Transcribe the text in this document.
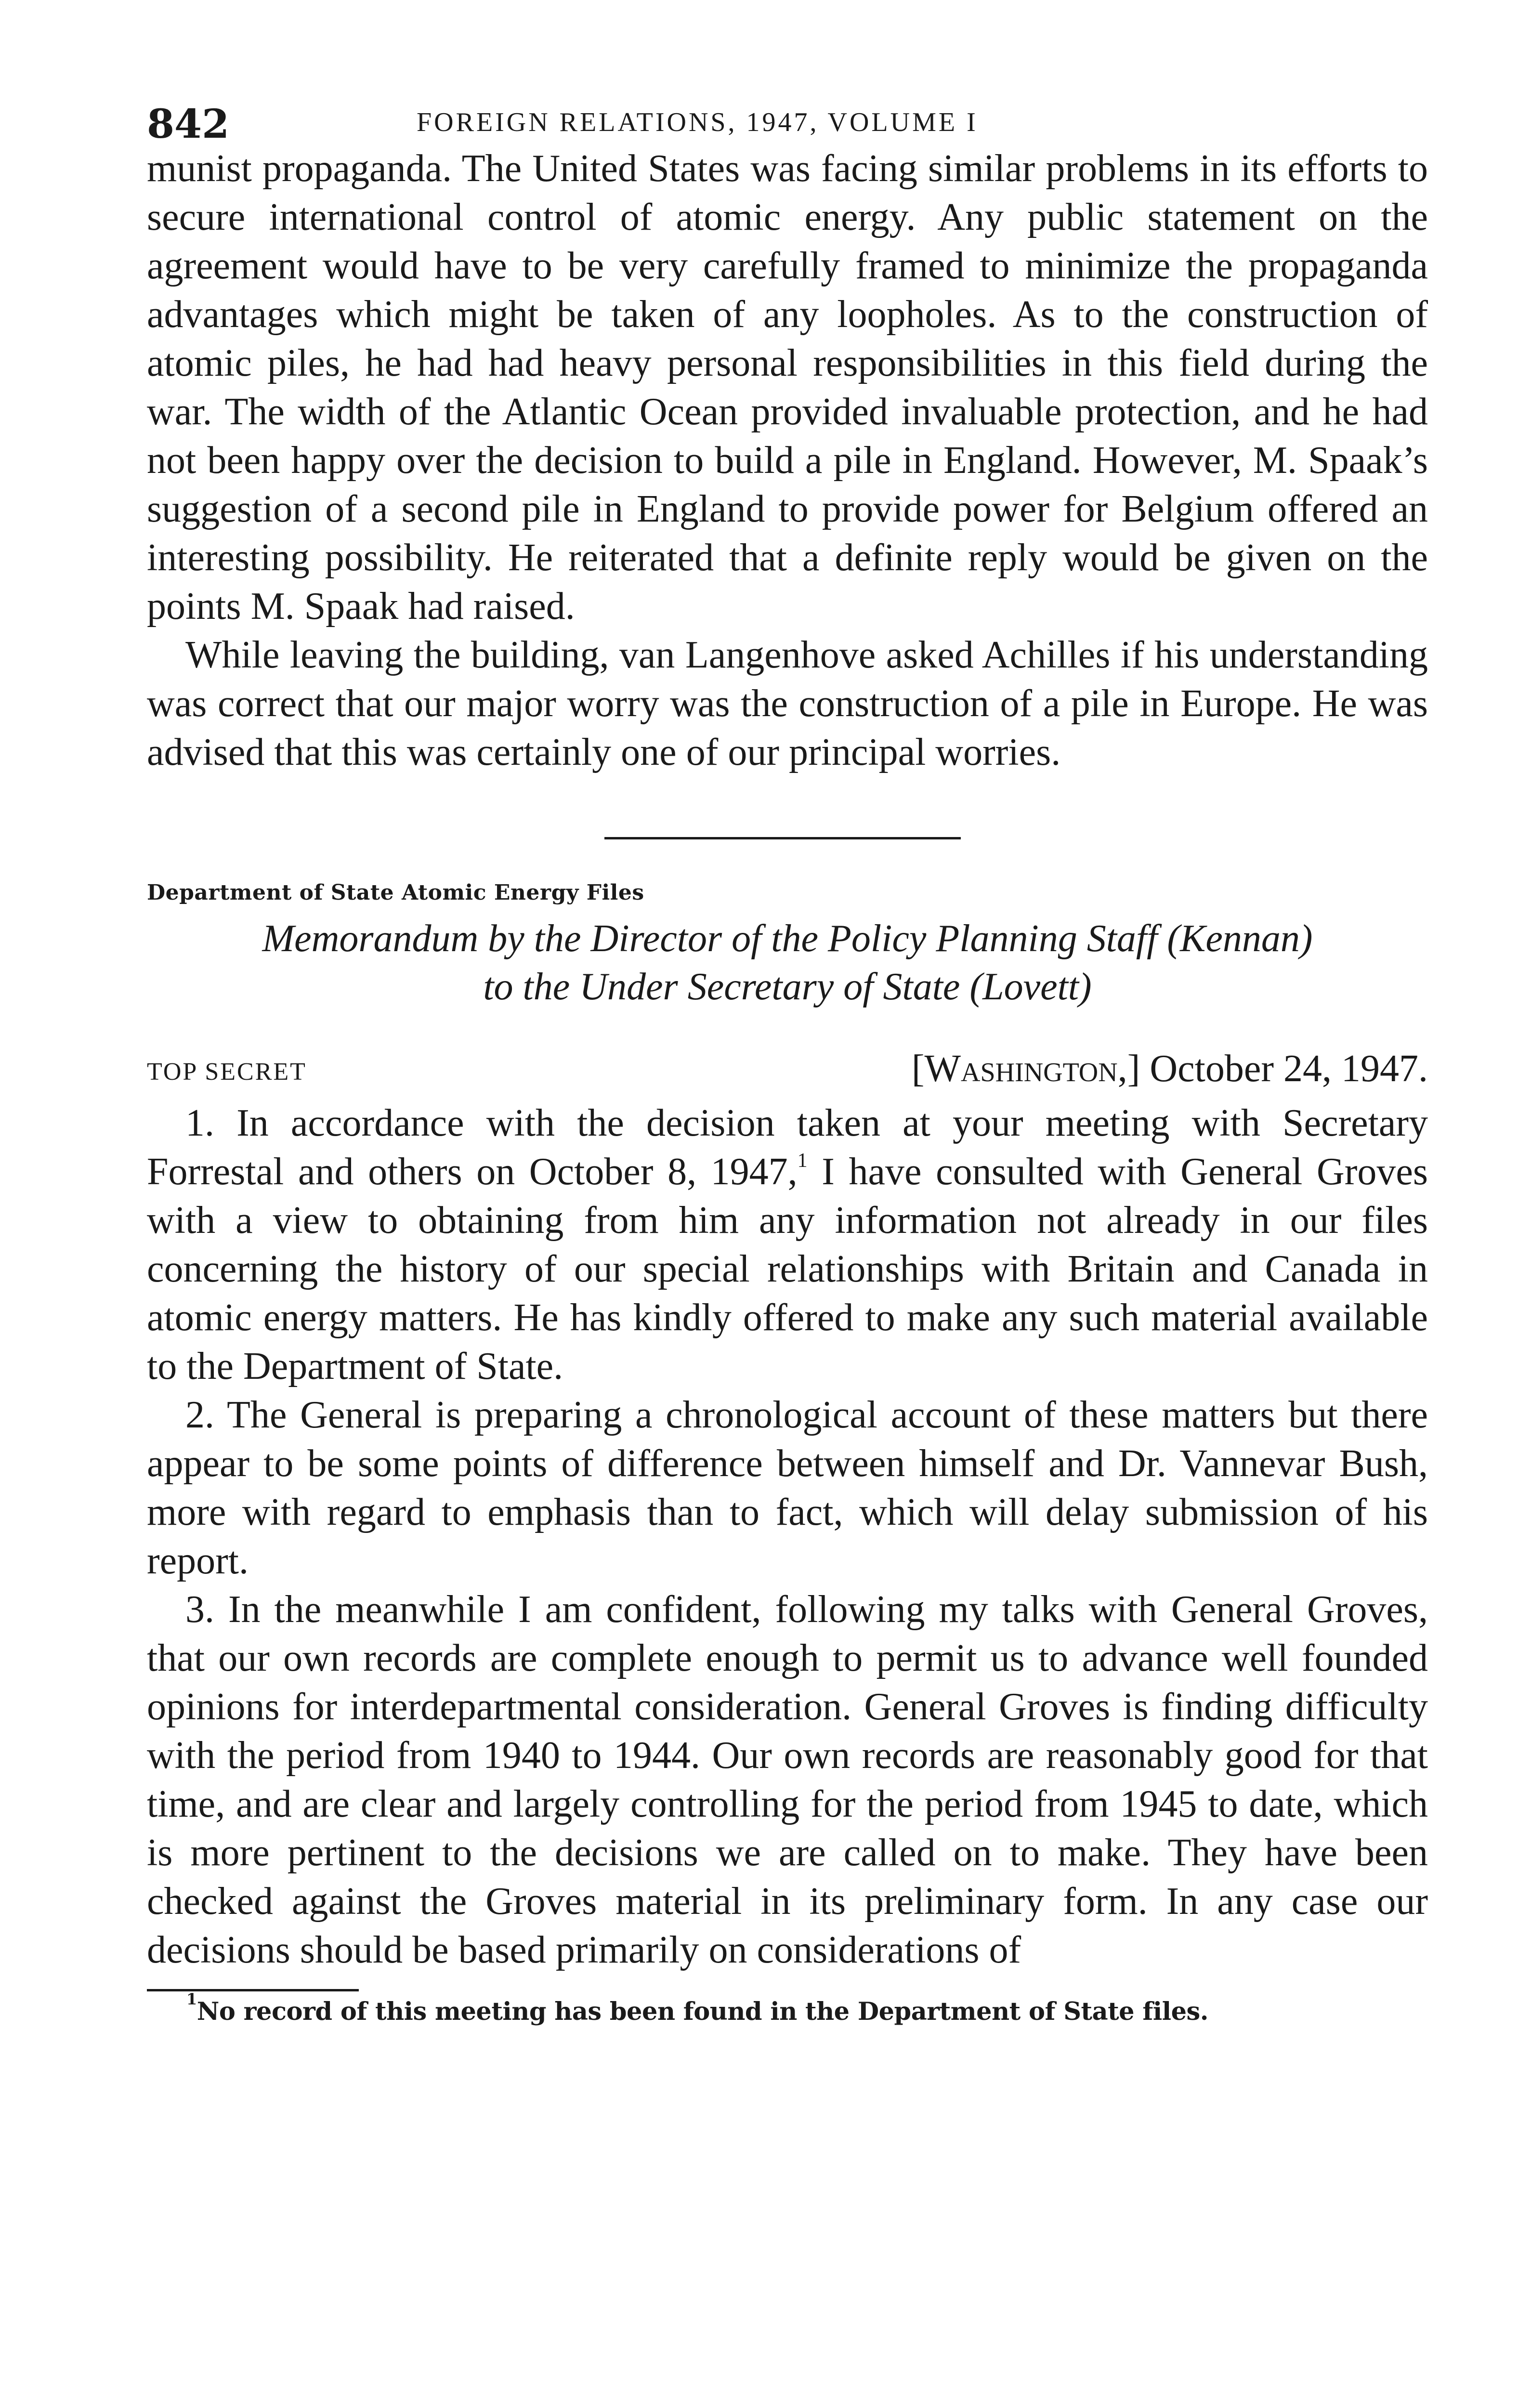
842	FOREIGN RELATIONS, 1947, VOLUME I

munist propaganda. The United States was facing similar problems in its efforts to secure international control of atomic energy. Any public statement on the agreement would have to be very carefully framed to minimize the propaganda advantages which might be taken of any loopholes. As to the construction of atomic piles, he had had heavy personal responsibilities in this field during the war. The width of the Atlantic Ocean provided invaluable protection, and he had not been happy over the decision to build a pile in England. However, M. Spaak’s suggestion of a second pile in England to provide power for Belgium offered an interesting possibility. He reiterated that a definite reply would be given on the points M. Spaak had raised.

While leaving the building, van Langenhove asked Achilles if his understanding was correct that our major worry was the construction of a pile in Europe. He was advised that this was certainly one of our principal worries.

Department of State Atomic Energy Files
Memorandum by the Director of the Policy Planning Staff (Kennan)
to the Under Secretary of State (Lovett)
TOP SECRET	[Washington,] October 24, 1947.

1. In accordance with the decision taken at your meeting with Secretary Forrestal and others on October 8, 1947,$^1$ I have consulted with General Groves with a view to obtaining from him any information not already in our files concerning the history of our special relationships with Britain and Canada in atomic energy matters. He has kindly offered to make any such material available to the Department of State.

2. The General is preparing a chronological account of these matters but there appear to be some points of difference between himself and Dr. Vannevar Bush, more with regard to emphasis than to fact, which will delay submission of his report.

3. In the meanwhile I am confident, following my talks with General Groves, that our own records are complete enough to permit us to advance well founded opinions for interdepartmental consideration. General Groves is finding difficulty with the period from 1940 to 1944. Our own records are reasonably good for that time, and are clear and largely controlling for the period from 1945 to date, which is more pertinent to the decisions we are called on to make. They have been checked against the Groves material in its preliminary form. In any case our decisions should be based primarily on considerations of

$^1$No record of this meeting has been found in the Department of State files.
